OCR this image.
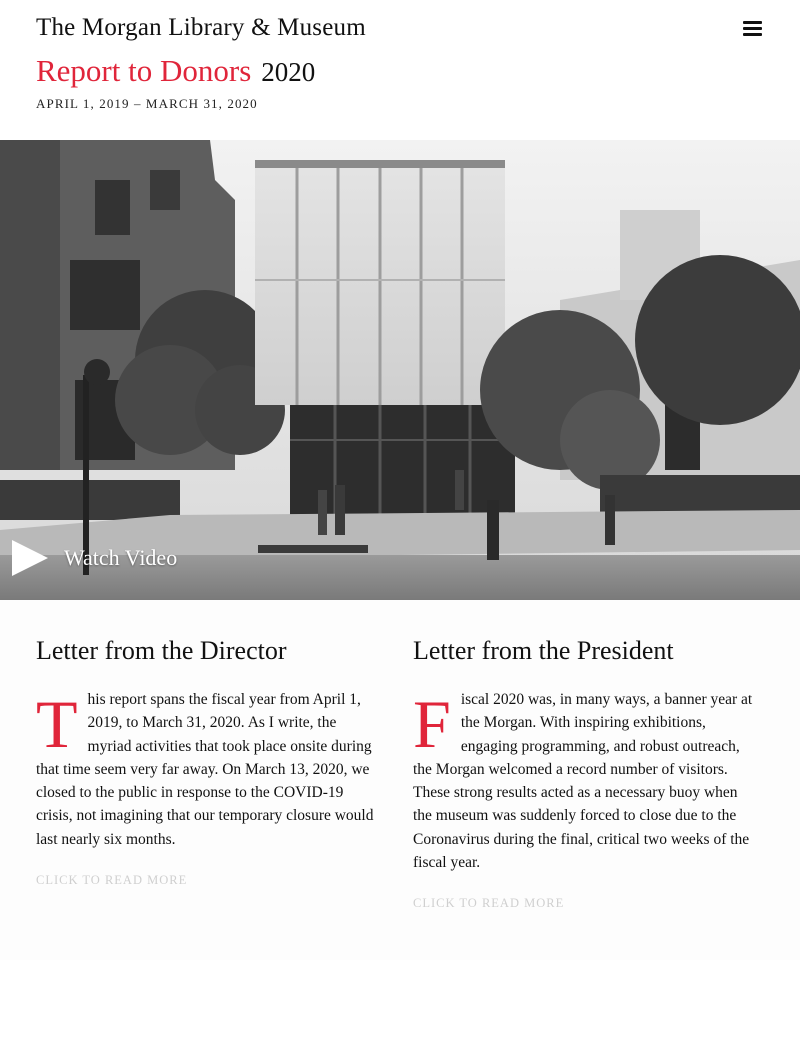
The Morgan Library & Museum
Report to Donors 2020
APRIL 1, 2019 – MARCH 31, 2020
Watch Video
Letter from the Director

This report spans the fiscal year from April 1, 2019, to March 31, 2020. As I write, the myriad activities that took place onsite during that time seem very far away. On March 13, 2020, we closed to the public in response to the COVID-19 crisis, not imagining that our temporary closure would last nearly six months.

CLICK TO READ MORE
Letter from the President

Fiscal 2020 was, in many ways, a banner year at the Morgan. With inspiring exhibitions, engaging programming, and robust outreach, the Morgan welcomed a record number of visitors. These strong results acted as a necessary buoy when the museum was suddenly forced to close due to the Coronavirus during the final, critical two weeks of the fiscal year.

CLICK TO READ MORE
